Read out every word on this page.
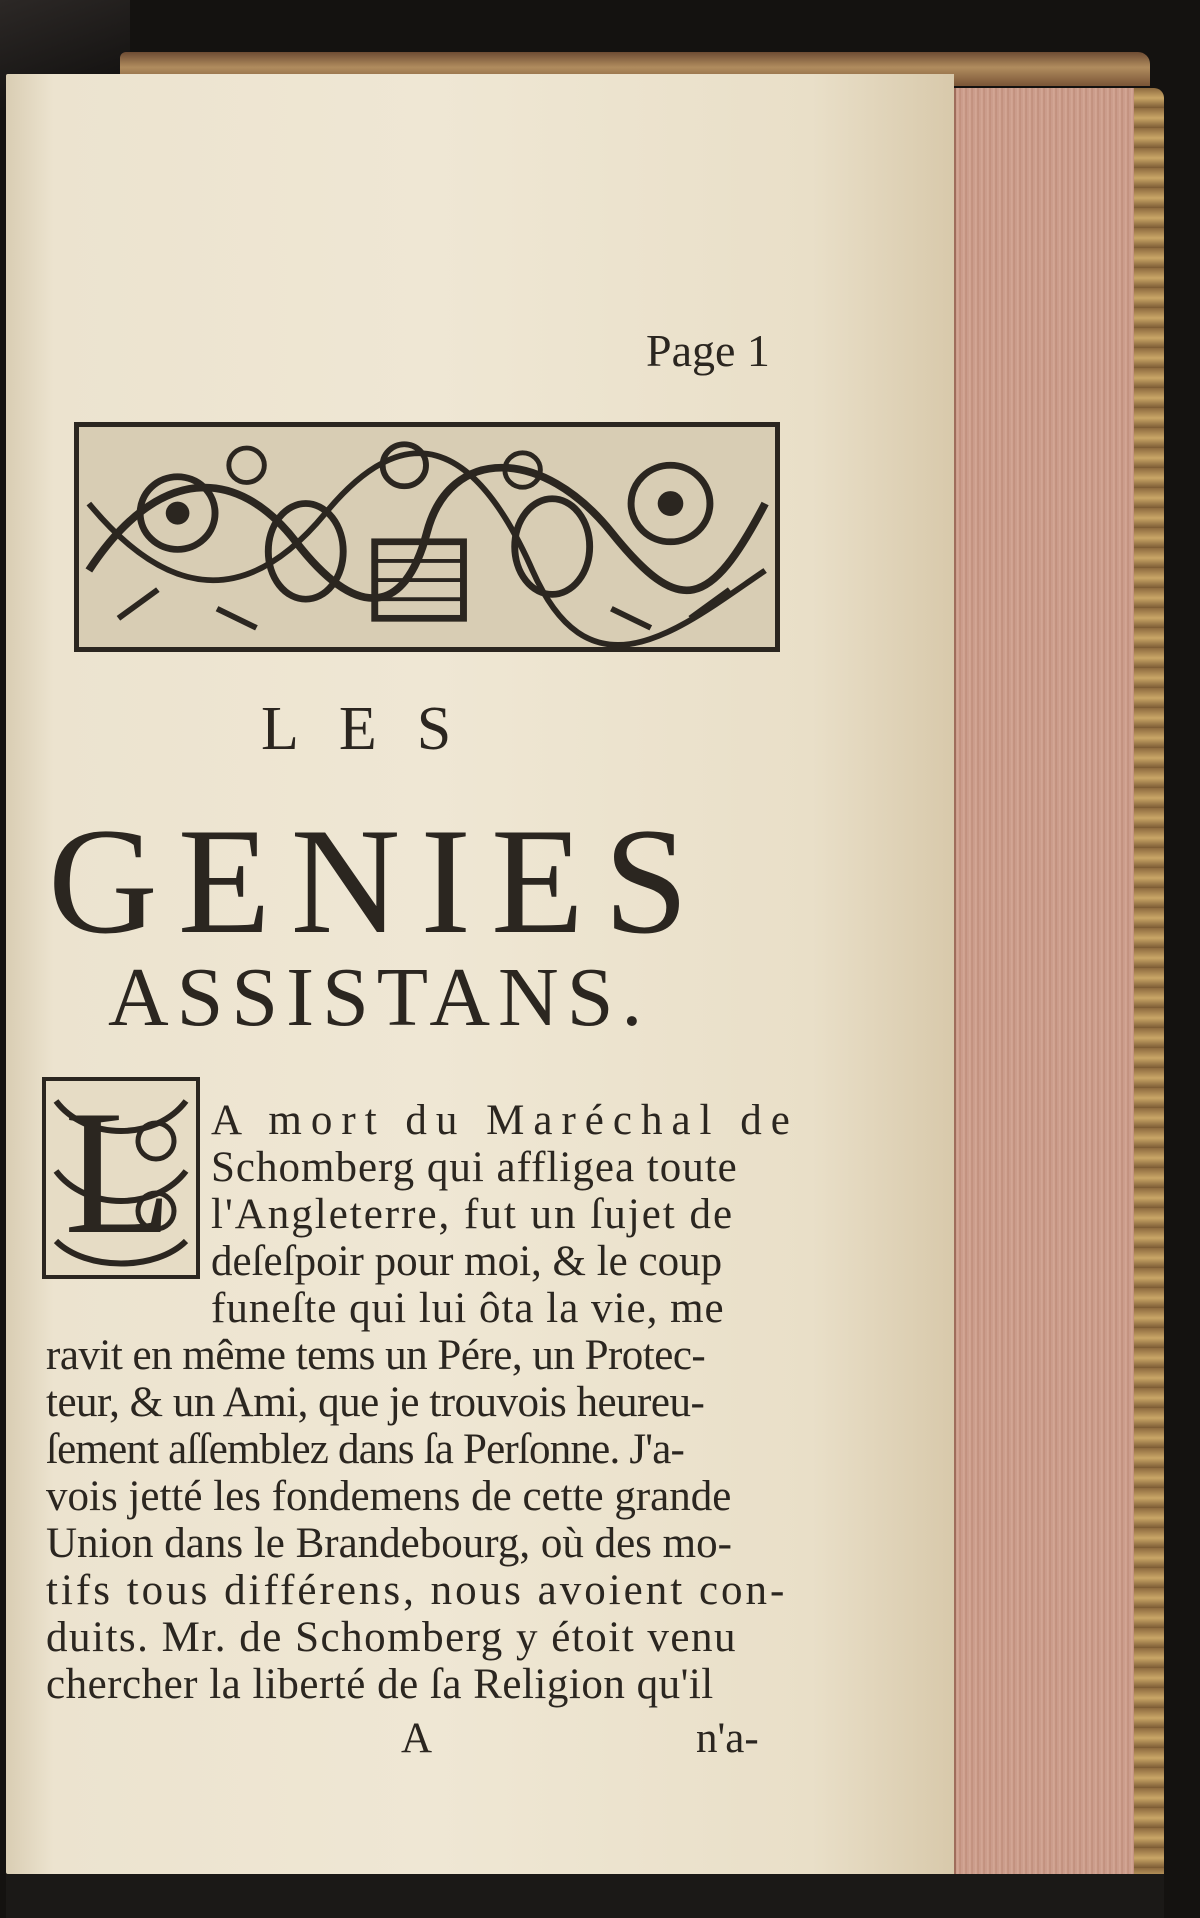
Page 1
LES
GENIES
ASSISTANS.
L A mort du Maréchal de
Schomberg qui affligea toute
l'Angleterre, fut un ſujet de
deſeſpoir pour moi, & le coup
funeſte qui lui ôta la vie, me
ravit en même tems un Pére, un Protec-
teur, & un Ami, que je trouvois heureu-
ſement aſſemblez dans ſa Perſonne. J'a-
vois jetté les fondemens de cette grande
Union dans le Brandebourg, où des mo-
tifs tous différens, nous avoient con-
duits. Mr. de Schomberg y étoit venu
chercher la liberté de ſa Religion qu'il
A	n'a-
